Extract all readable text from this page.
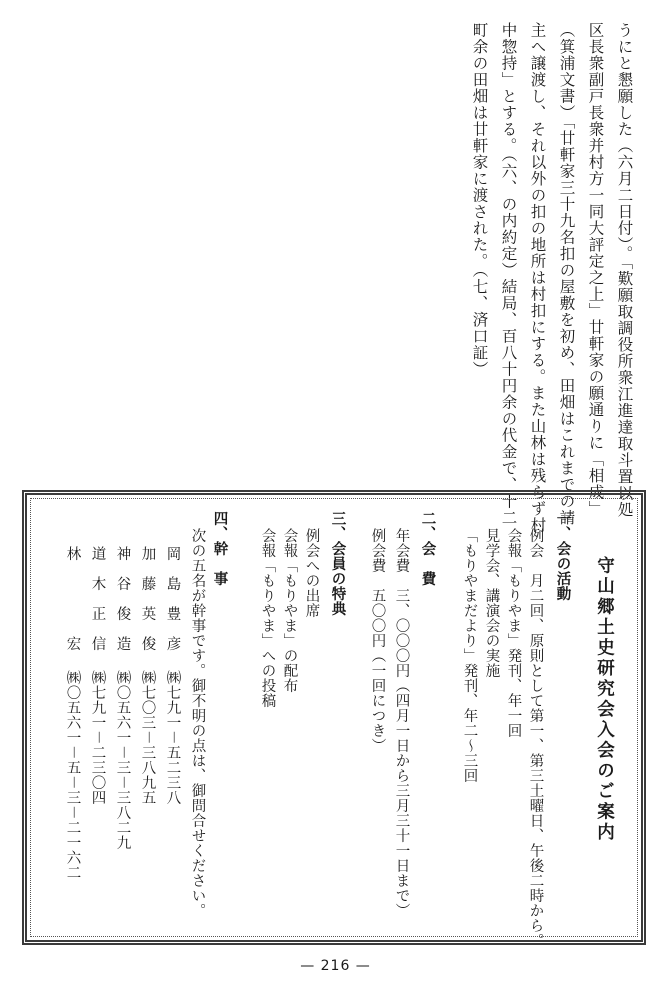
うにと懇願した（六月二日付）。「歎願取調役所衆江進達取斗置以処
区長衆副戸長衆并村方一同大評定之上」廿軒家の願通りに「相成」
（箕浦文書）「廿軒家三十九名扣の屋敷を初め、田畑はこれまでの請
主へ譲渡し、それ以外の扣の地所は村扣にする。また山林は残らず村
中惣持」とする。（六、の内約定）結局、百八十円余の代金で、十二
町余の田畑は廿軒家に渡された。（七、済口証）
守山郷土史研究会入会のご案内
一、会の活動
例会　月二回、原則として第一、第三土曜日、午後二時から。
会報「もりやま」発刊、年一回
見学会、講演会の実施
「もりやまだより」発刊、年二〜三回
二、会　費
年会費　三、〇〇〇円（四月一日から三月三十一日まで）
例会費　五〇〇円（一回につき）
三、会員の特典
例会への出席
会報「もりやま」の配布
会報「もりやま」への投稿
四、幹　事
次の五名が幹事です。御不明の点は、御問合せください。
岡　島　豊　彦
㈱七九一－五二三八
加　藤　英　俊
㈱七〇三－三八九五
神　谷　俊　造
㈱〇五六一－三－三八二九
道　木　正　信
㈱七九一－二三〇四
林　　　　　宏
㈱〇五六一－五－三－二一六二
— 216 —
